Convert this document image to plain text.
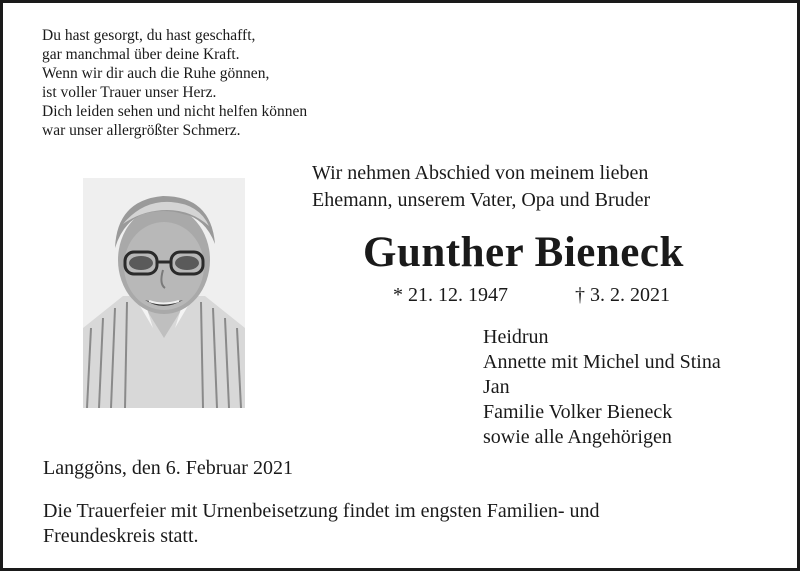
Du hast gesorgt, du hast geschafft,
gar manchmal über deine Kraft.
Wenn wir dir auch die Ruhe gönnen,
ist voller Trauer unser Herz.
Dich leiden sehen und nicht helfen können
war unser allergrößter Schmerz.
Wir nehmen Abschied von meinem lieben
Ehemann, unserem Vater, Opa und Bruder
Gunther Bieneck
* 21. 12. 1947	† 3. 2. 2021
Heidrun
Annette mit Michel und Stina
Jan
Familie Volker Bieneck
sowie alle Angehörigen
Langgöns, den 6. Februar 2021
Die Trauerfeier mit Urnenbeisetzung findet im engsten Familien- und
Freundeskreis statt.
